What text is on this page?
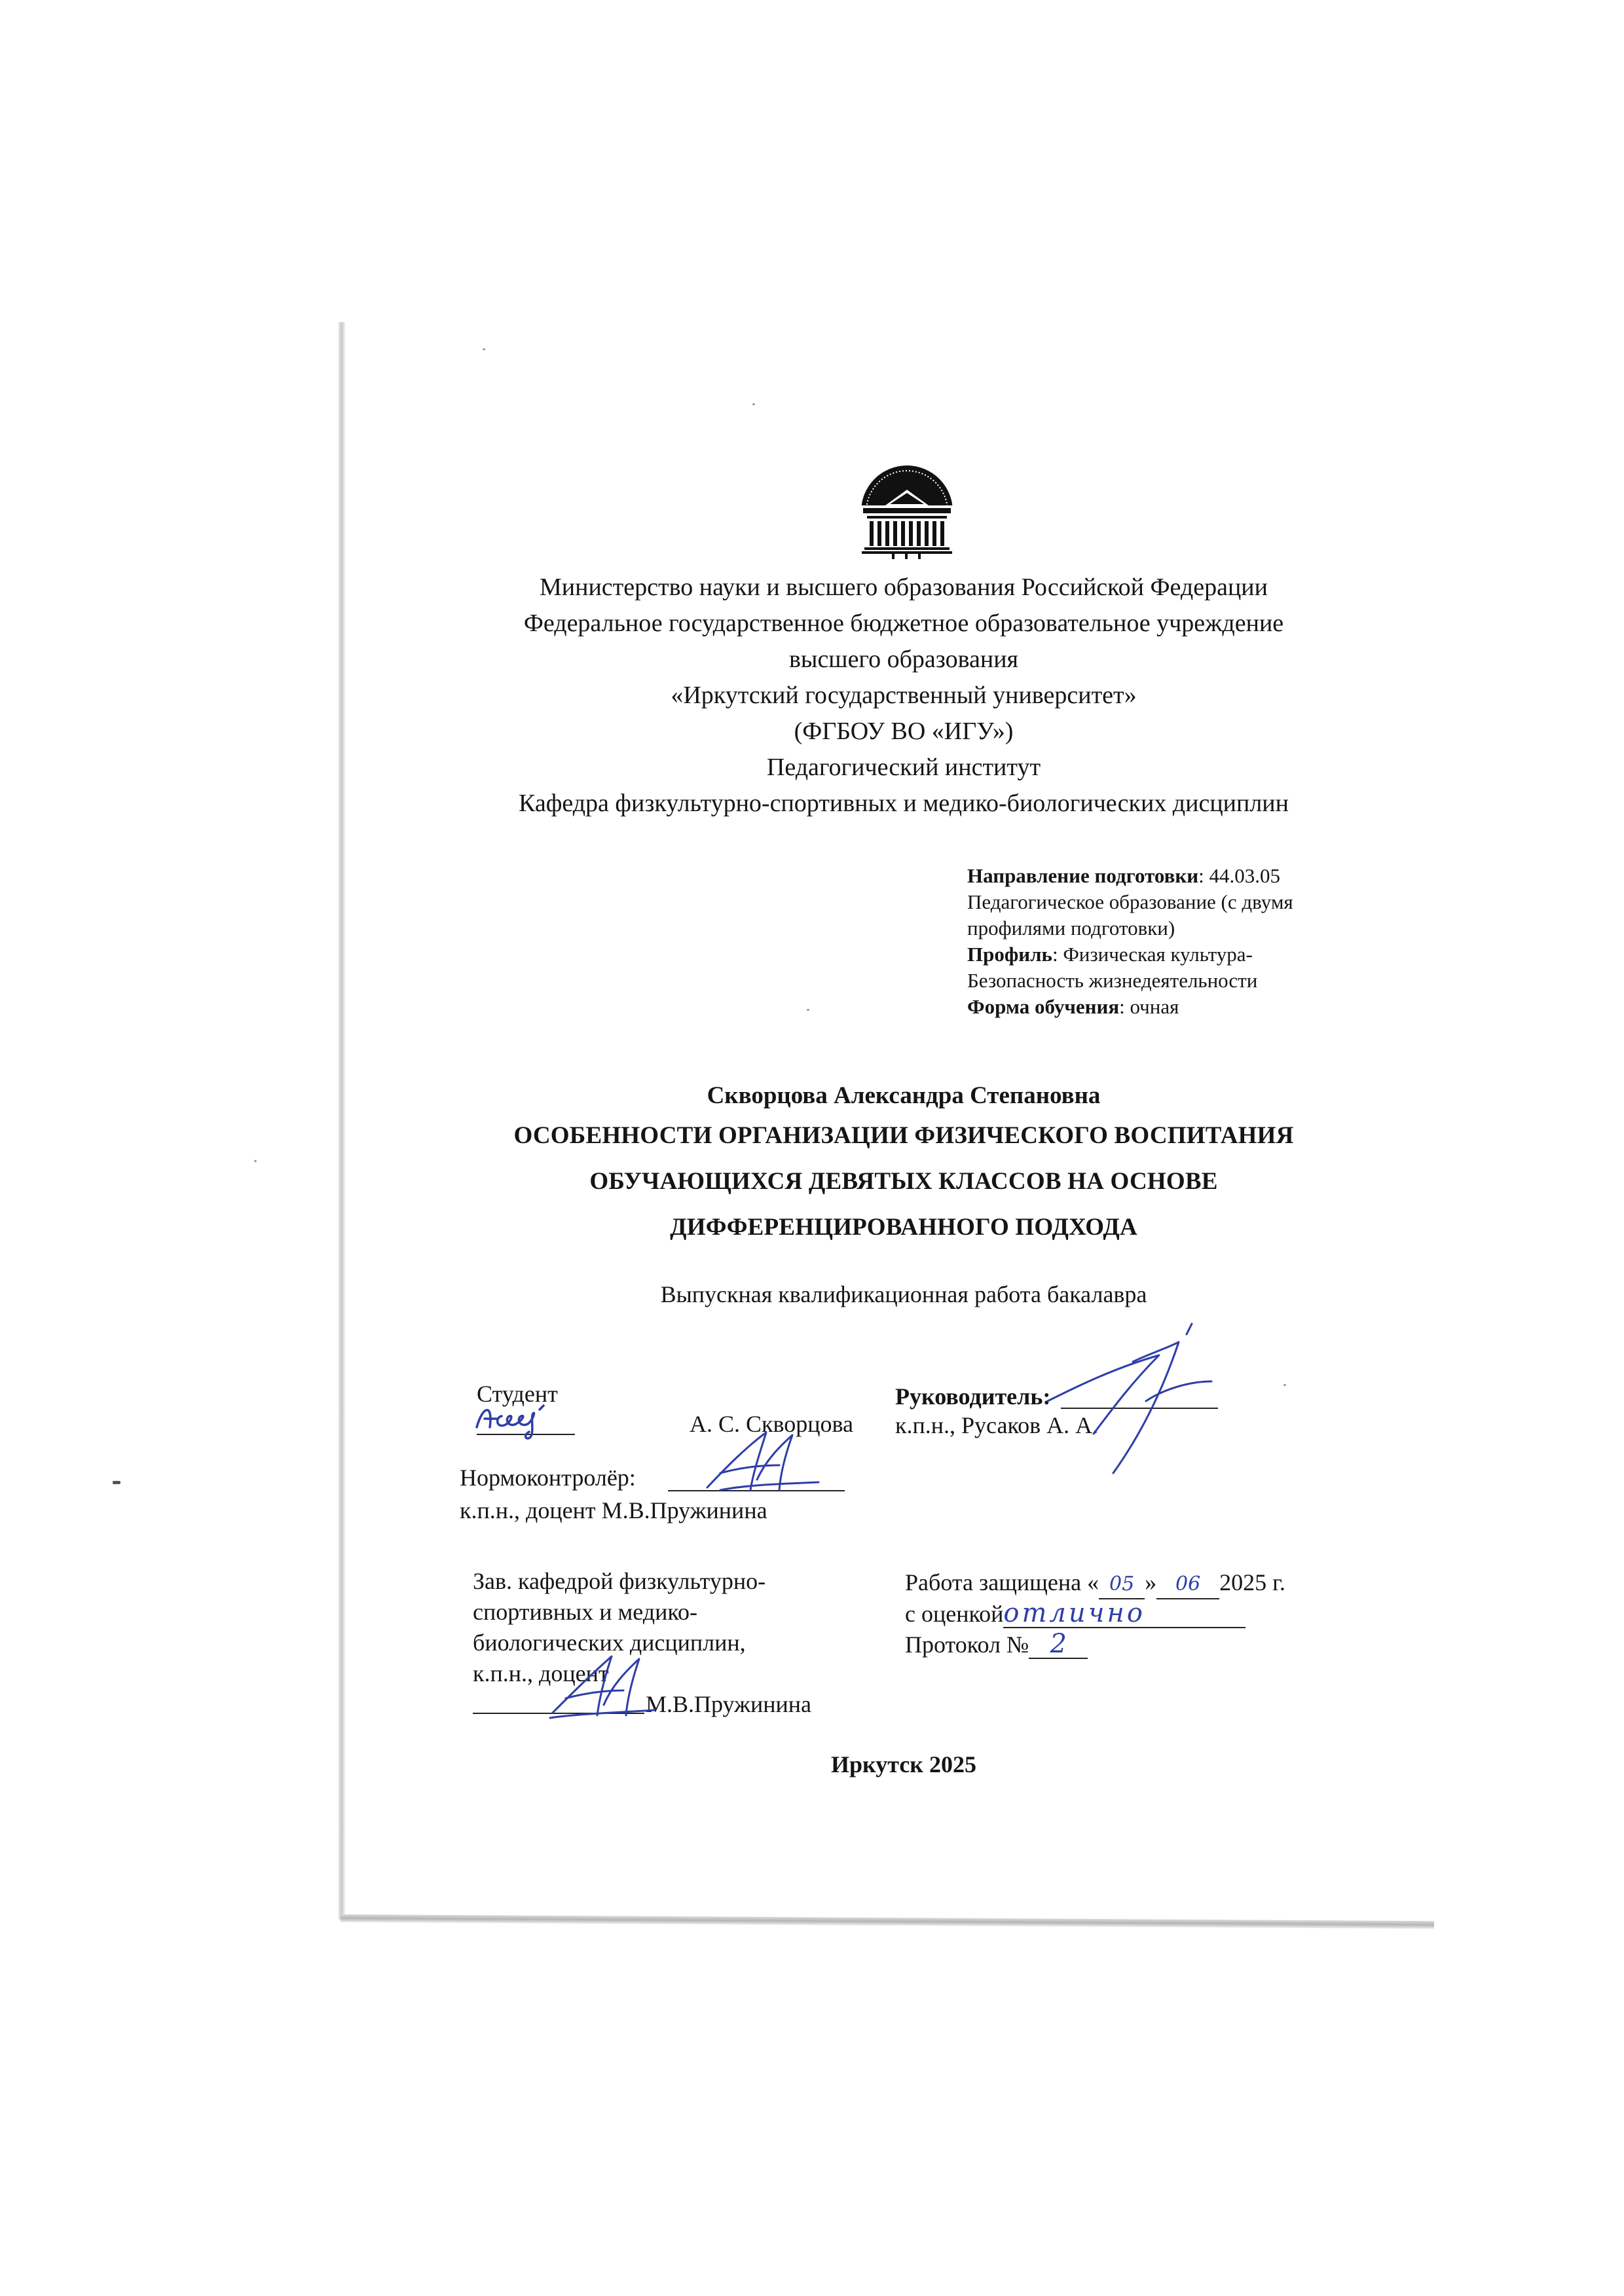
Министерство науки и высшего образования Российской Федерации

Федеральное государственное бюджетное образовательное учреждение

высшего образования

«Иркутский государственный университет»

(ФГБОУ ВО «ИГУ»)

Педагогический институт

Кафедра физкультурно-спортивных и медико-биологических дисциплин

Направление подготовки: 44.03.05
Педагогическое образование (с двумя профилями подготовки)
Профиль: Физическая культура-Безопасность жизнедеятельности
Форма обучения: очная

Скворцова Александра Степановна

ОСОБЕННОСТИ ОРГАНИЗАЦИИ ФИЗИЧЕСКОГО ВОСПИТАНИЯ

ОБУЧАЮЩИХСЯ ДЕВЯТЫХ КЛАССОВ НА ОСНОВЕ

ДИФФЕРЕНЦИРОВАННОГО ПОДХОДА

Выпускная квалификационная работа бакалавра

Студент
А. С. Скворцова
Руководитель:
к.п.н., Русаков А. А.
Нормоконтролёр:
к.п.н., доцент М.В.Пружинина
Зав. кафедрой физкультурно-
спортивных и медико-
биологических дисциплин,
к.п.н., доцент
М.В.Пружинина
Работа защищена « 05 » 06 2025 г.
с оценкойотлично
Протокол № 2
Иркутск 2025
